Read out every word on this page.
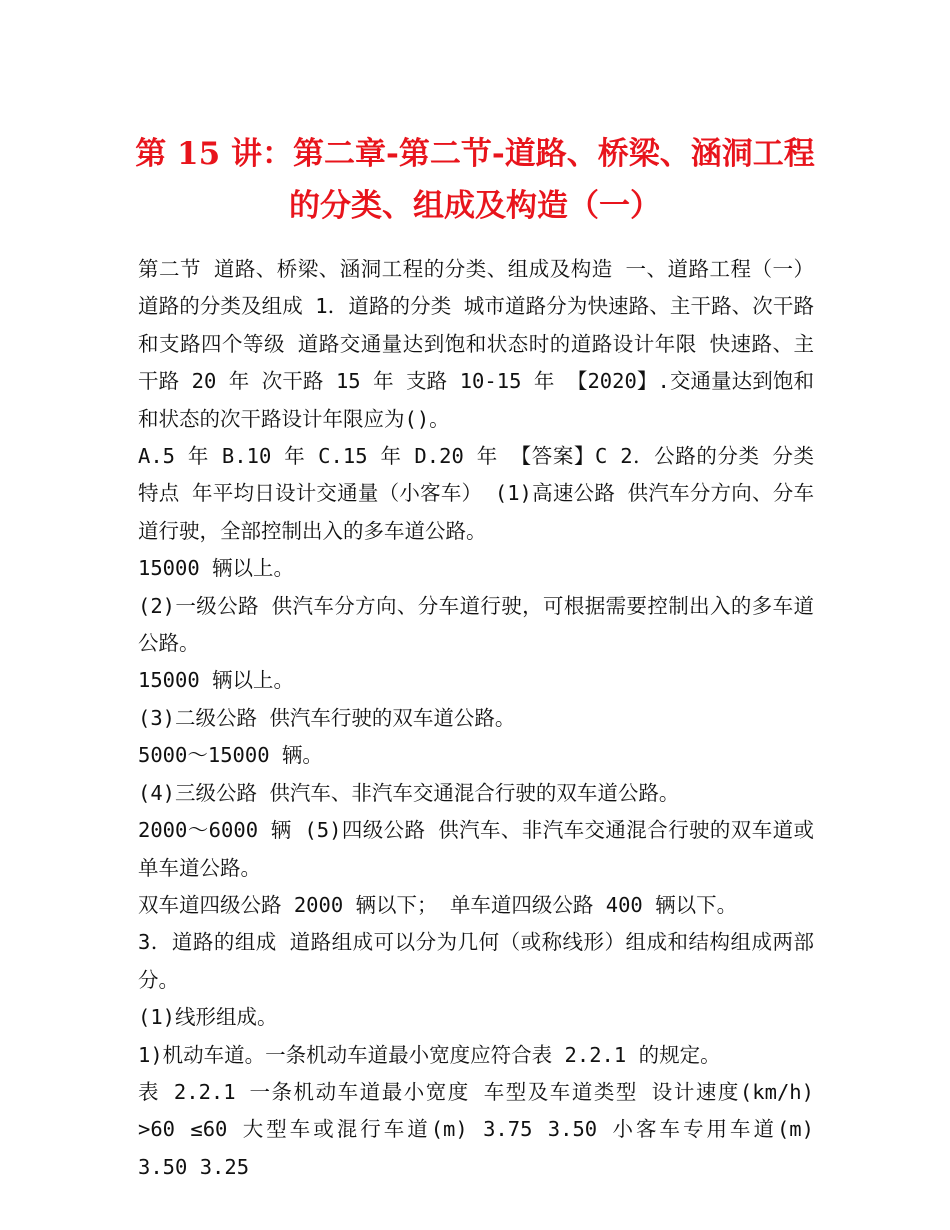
第 15 讲：第二章-第二节-道路、桥梁、涵洞工程的分类、组成及构造（一）

第二节 道路、桥梁、涵洞工程的分类、组成及构造 一、道路工程（一）道路的分类及组成 1．道路的分类 城市道路分为快速路、主干路、次干路和支路四个等级 道路交通量达到饱和状态时的道路设计年限 快速路、主干路 20 年 次干路 15 年 支路 10-15 年 【2020】.交通量达到饱和和状态的次干路设计年限应为()。

A.5 年 B.10 年 C.15 年 D.20 年 【答案】C 2．公路的分类 分类 特点 年平均日设计交通量（小客车） (1)高速公路 供汽车分方向、分车道行驶，全部控制出入的多车道公路。

15000 辆以上。

(2)一级公路 供汽车分方向、分车道行驶，可根据需要控制出入的多车道公路。

15000 辆以上。

(3)二级公路 供汽车行驶的双车道公路。

5000～15000 辆。

(4)三级公路 供汽车、非汽车交通混合行驶的双车道公路。

2000～6000 辆 (5)四级公路 供汽车、非汽车交通混合行驶的双车道或单车道公路。

双车道四级公路 2000 辆以下； 单车道四级公路 400 辆以下。

3．道路的组成 道路组成可以分为几何（或称线形）组成和结构组成两部分。

(1)线形组成。

1)机动车道。一条机动车道最小宽度应符合表 2.2.1 的规定。

表 2.2.1 一条机动车道最小宽度 车型及车道类型 设计速度(km/h) >60 ≤60 大型车或混行车道(m) 3.75 3.50 小客车专用车道(m) 3.50 3.25
